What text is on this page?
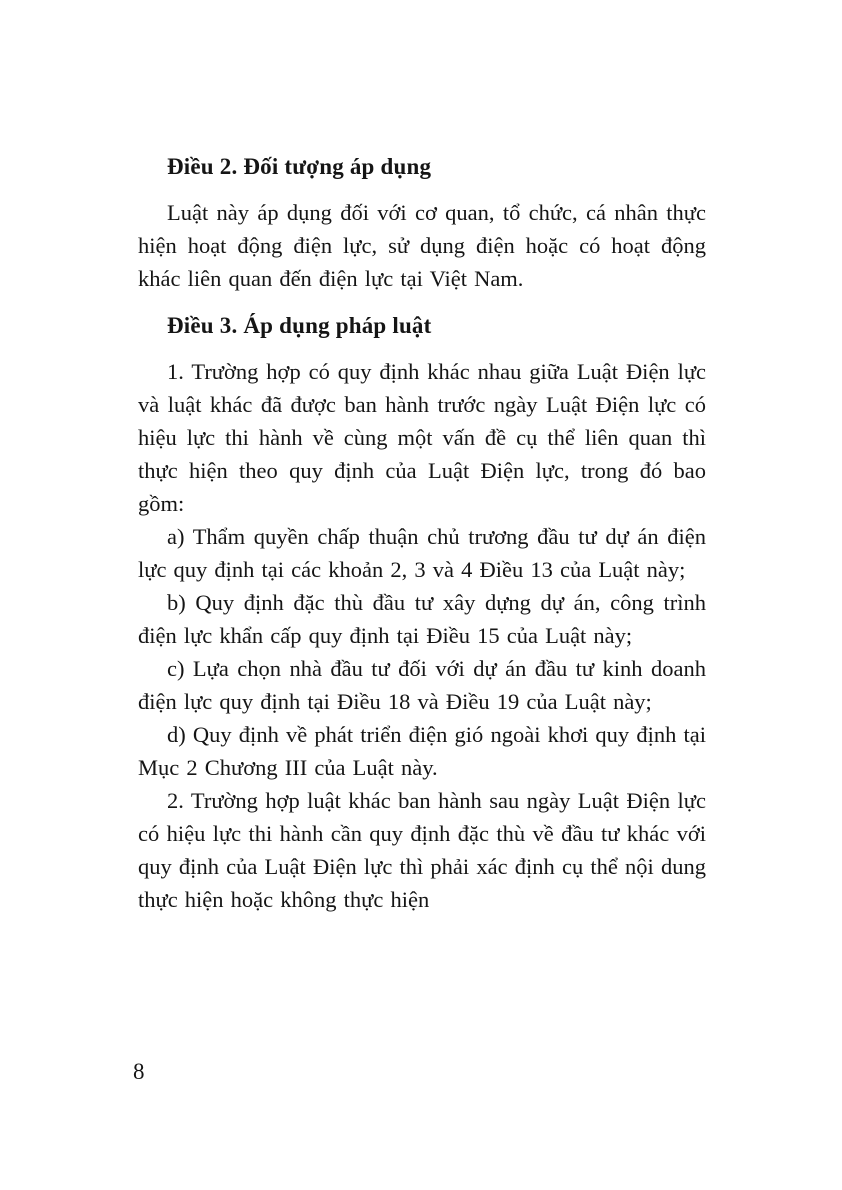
Điều 2. Đối tượng áp dụng

Luật này áp dụng đối với cơ quan, tổ chức, cá nhân thực hiện hoạt động điện lực, sử dụng điện hoặc có hoạt động khác liên quan đến điện lực tại Việt Nam.

Điều 3. Áp dụng pháp luật

1. Trường hợp có quy định khác nhau giữa Luật Điện lực và luật khác đã được ban hành trước ngày Luật Điện lực có hiệu lực thi hành về cùng một vấn đề cụ thể liên quan thì thực hiện theo quy định của Luật Điện lực, trong đó bao gồm:

a) Thẩm quyền chấp thuận chủ trương đầu tư dự án điện lực quy định tại các khoản 2, 3 và 4 Điều 13 của Luật này;

b) Quy định đặc thù đầu tư xây dựng dự án, công trình điện lực khẩn cấp quy định tại Điều 15 của Luật này;

c) Lựa chọn nhà đầu tư đối với dự án đầu tư kinh doanh điện lực quy định tại Điều 18 và Điều 19 của Luật này;

d) Quy định về phát triển điện gió ngoài khơi quy định tại Mục 2 Chương III của Luật này.

2. Trường hợp luật khác ban hành sau ngày Luật Điện lực có hiệu lực thi hành cần quy định đặc thù về đầu tư khác với quy định của Luật Điện lực thì phải xác định cụ thể nội dung thực hiện hoặc không thực hiện

8
